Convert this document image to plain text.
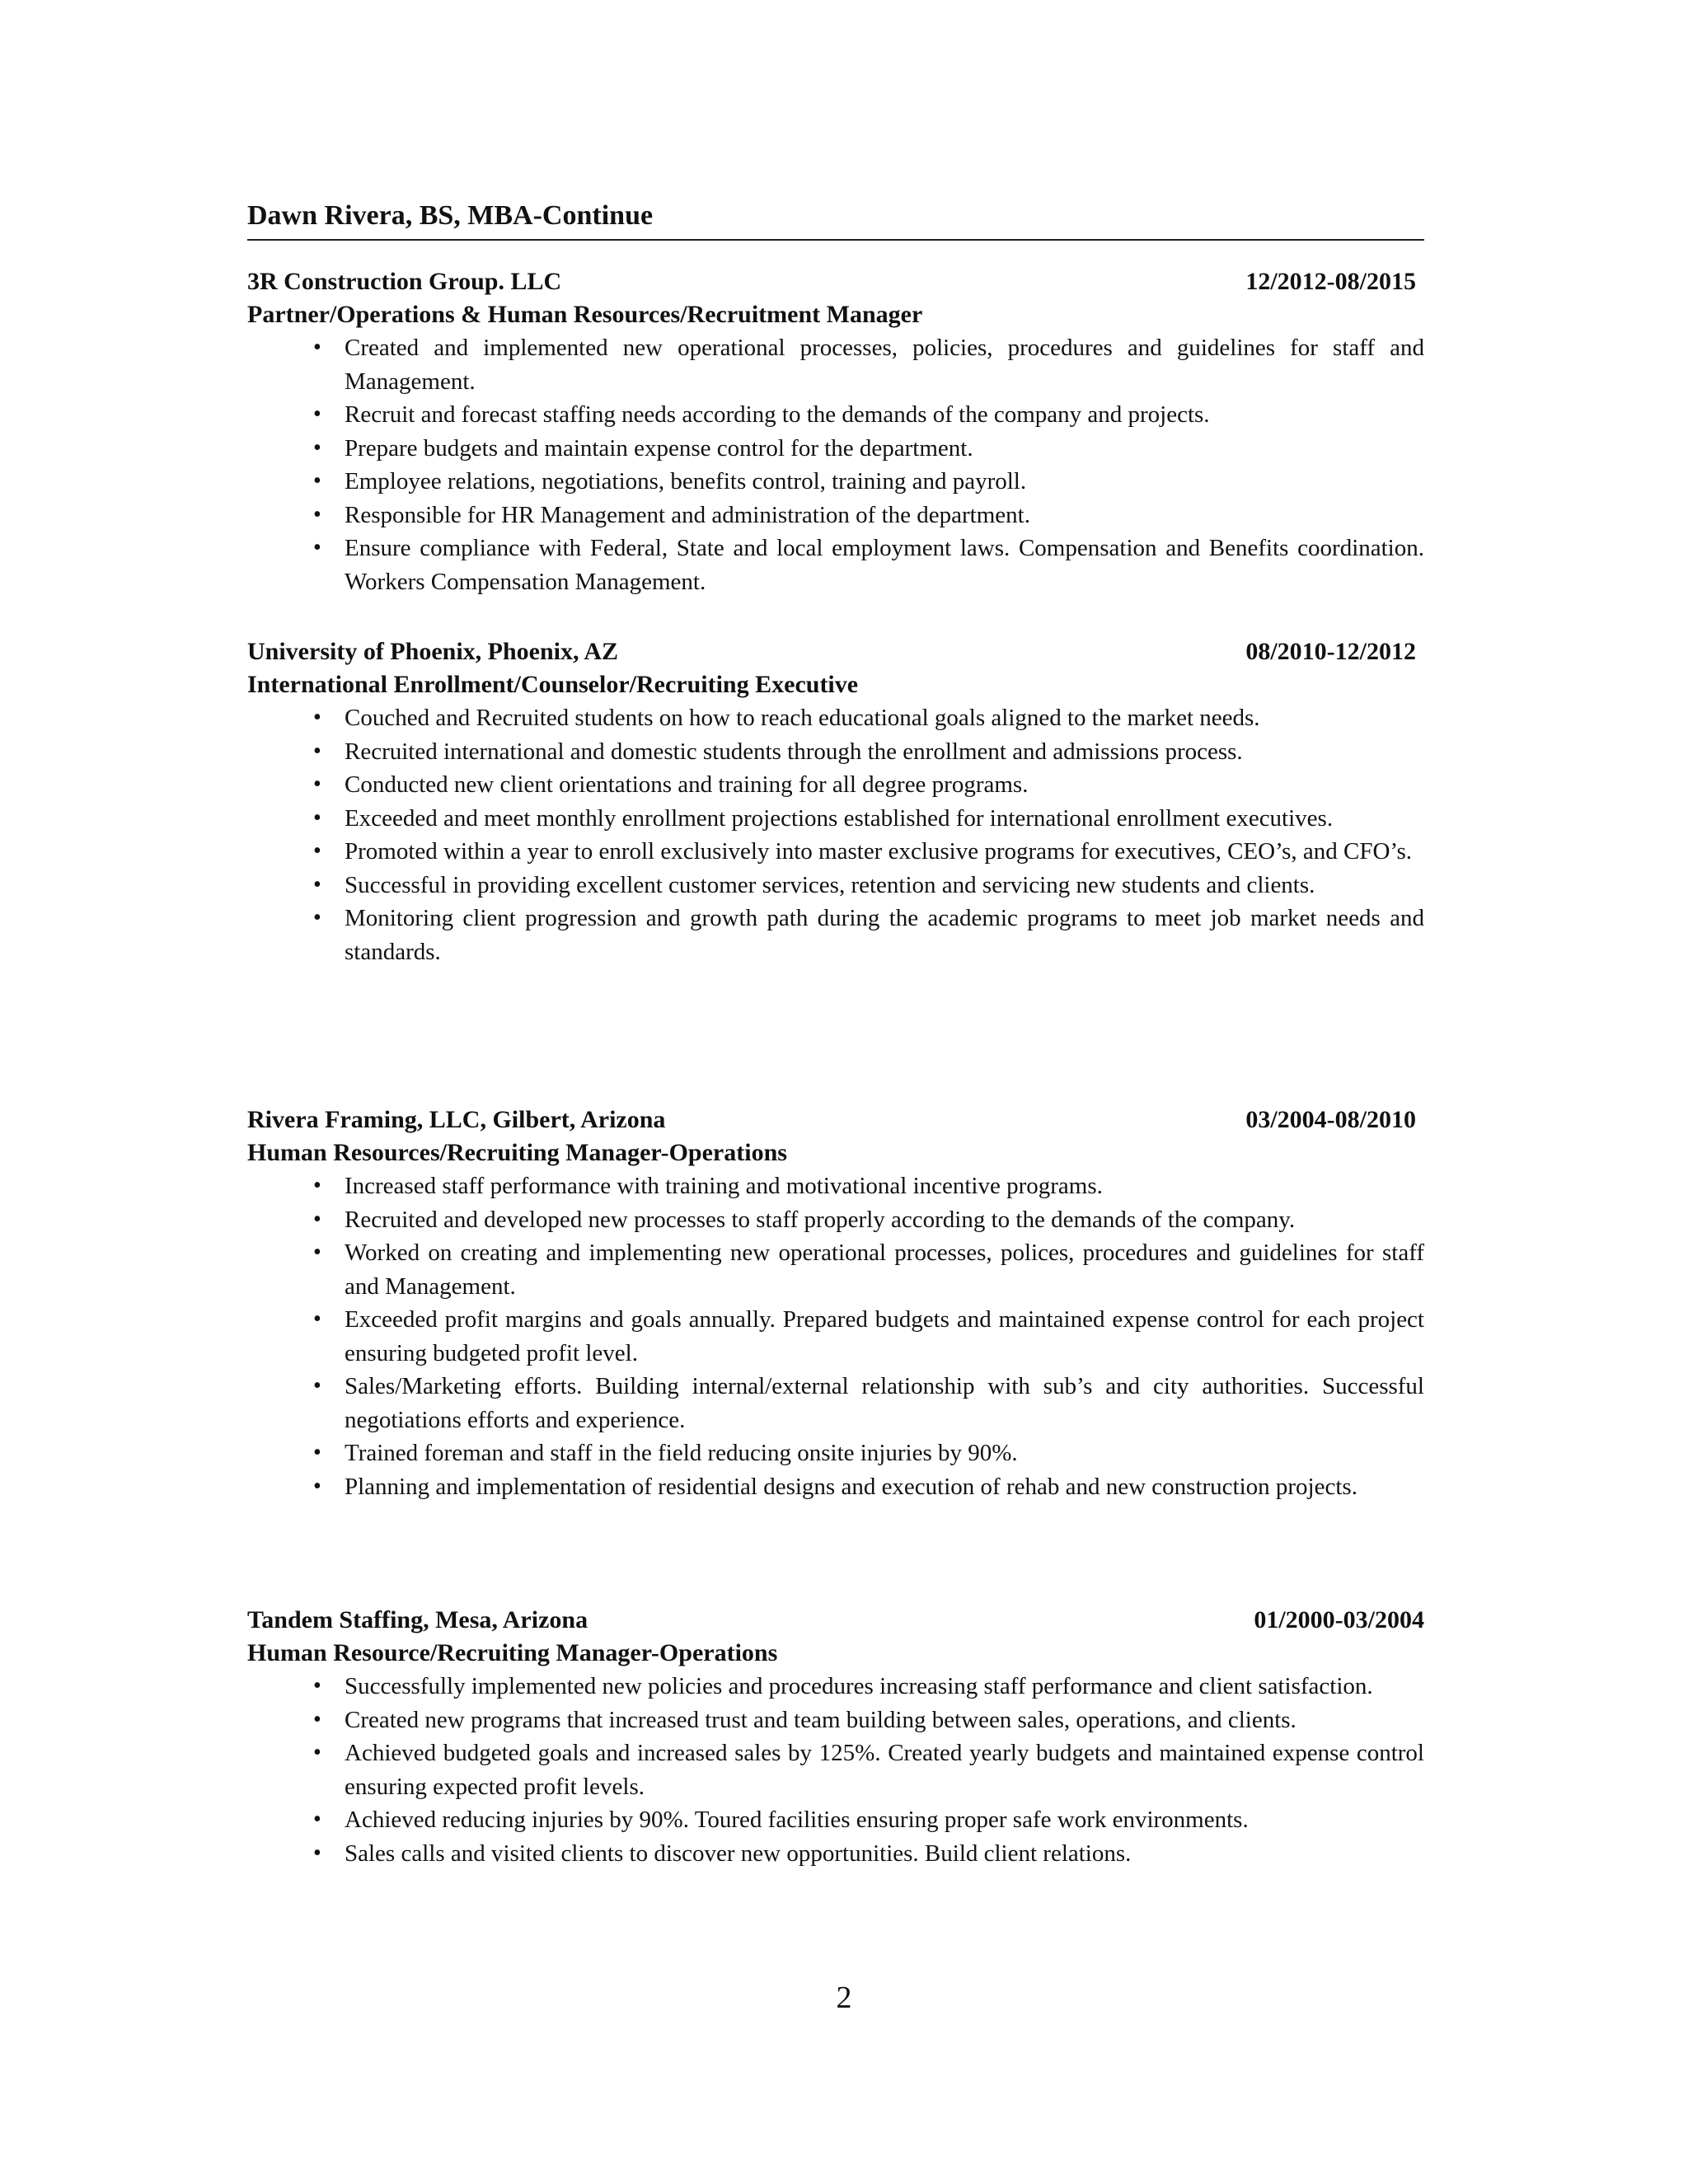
Dawn Rivera, BS, MBA-Continue
3R Construction Group. LLC	12/2012-08/2015
Partner/Operations & Human Resources/Recruitment Manager
• Created and implemented new operational processes, policies, procedures and guidelines for staff and Management.
• Recruit and forecast staffing needs according to the demands of the company and projects.
• Prepare budgets and maintain expense control for the department.
• Employee relations, negotiations, benefits control, training and payroll.
• Responsible for HR Management and administration of the department.
• Ensure compliance with Federal, State and local employment laws. Compensation and Benefits coordination. Workers Compensation Management.
University of Phoenix, Phoenix, AZ	08/2010-12/2012
International Enrollment/Counselor/Recruiting Executive
• Couched and Recruited students on how to reach educational goals aligned to the market needs.
• Recruited international and domestic students through the enrollment and admissions process.
• Conducted new client orientations and training for all degree programs.
• Exceeded and meet monthly enrollment projections established for international enrollment executives.
• Promoted within a year to enroll exclusively into master exclusive programs for executives, CEO’s, and CFO’s.
• Successful in providing excellent customer services, retention and servicing new students and clients.
• Monitoring client progression and growth path during the academic programs to meet job market needs and standards.
Rivera Framing, LLC, Gilbert, Arizona	03/2004-08/2010
Human Resources/Recruiting Manager-Operations
• Increased staff performance with training and motivational incentive programs.
• Recruited and developed new processes to staff properly according to the demands of the company.
• Worked on creating and implementing new operational processes, polices, procedures and guidelines for staff and Management.
• Exceeded profit margins and goals annually. Prepared budgets and maintained expense control for each project ensuring budgeted profit level.
• Sales/Marketing efforts. Building internal/external relationship with sub’s and city authorities. Successful negotiations efforts and experience.
• Trained foreman and staff in the field reducing onsite injuries by 90%.
• Planning and implementation of residential designs and execution of rehab and new construction projects.
Tandem Staffing, Mesa, Arizona	01/2000-03/2004
Human Resource/Recruiting Manager-Operations
• Successfully implemented new policies and procedures increasing staff performance and client satisfaction.
• Created new programs that increased trust and team building between sales, operations, and clients.
• Achieved budgeted goals and increased sales by 125%. Created yearly budgets and maintained expense control ensuring expected profit levels.
• Achieved reducing injuries by 90%. Toured facilities ensuring proper safe work environments.
• Sales calls and visited clients to discover new opportunities. Build client relations.
2
